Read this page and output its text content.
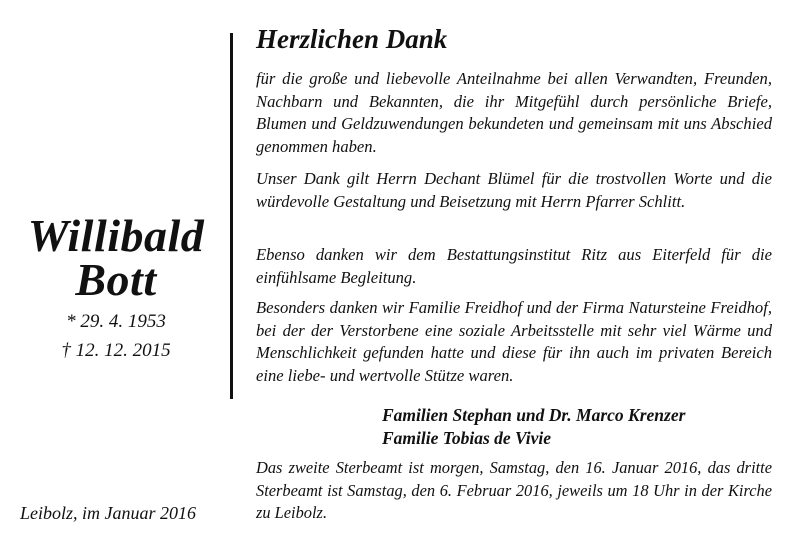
Willibald
Bott
* 29. 4. 1953
† 12. 12. 2015
Leibolz, im Januar 2016
Herzlichen Dank

für die große und liebevolle Anteilnahme bei allen Verwandten, Freunden, Nachbarn und Bekannten, die ihr Mitgefühl durch persönliche Briefe, Blumen und Geldzuwendungen bekundeten und gemeinsam mit uns Abschied genommen haben.

Unser Dank gilt Herrn Dechant Blümel für die trostvollen Worte und die würdevolle Gestaltung und Beisetzung mit Herrn Pfarrer Schlitt.

Ebenso danken wir dem Bestattungsinstitut Ritz aus Eiterfeld für die einfühlsame Begleitung.

Besonders danken wir Familie Freidhof und der Firma Natursteine Freidhof, bei der der Verstorbene eine soziale Arbeitsstelle mit sehr viel Wärme und Menschlichkeit gefunden hatte und diese für ihn auch im privaten Bereich eine liebe- und wertvolle Stütze waren.

Familien Stephan und Dr. Marco Krenzer
Familie Tobias de Vivie

Das zweite Sterbeamt ist morgen, Samstag, den 16. Januar 2016, das dritte Sterbeamt ist Samstag, den 6. Februar 2016, jeweils um 18 Uhr in der Kirche zu Leibolz.
